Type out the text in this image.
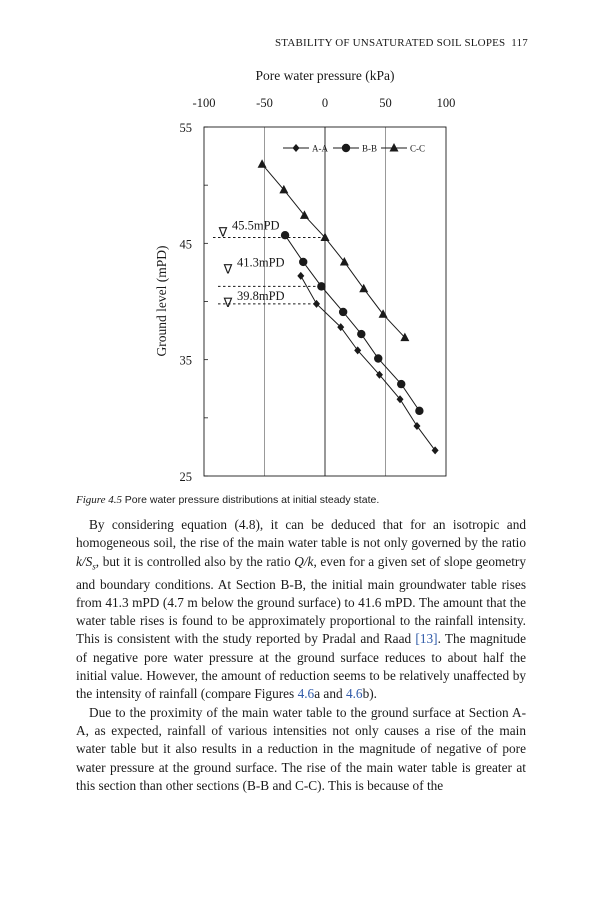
STABILITY OF UNSATURATED SOIL SLOPES 117
Pore water pressure (kPa)
-100	-50	0	50	100
55
45
35
25
Ground level (mPD)
∇ 45.5mPD
∇ 41.3mPD
∇ 39.8mPD
A-A	B-B	C-C
Figure 4.5 Pore water pressure distributions at initial steady state.

By considering equation (4.8), it can be deduced that for an isotropic and homogeneous soil, the rise of the main water table is not only governed by the ratio $k/S_s$, but it is controlled also by the ratio Q/k, even for a given set of slope geometry and boundary conditions. At Section B-B, the initial main groundwater table rises from 41.3 mPD (4.7 m below the ground surface) to 41.6 mPD. The amount that the water table rises is found to be approximately proportional to the rainfall intensity. This is consistent with the study reported by Pradal and Raad [13]. The magnitude of negative pore water pressure at the ground surface reduces to about half the initial value. However, the amount of reduction seems to be relatively unaffected by the intensity of rainfall (compare Figures 4.6a and 4.6b).

Due to the proximity of the main water table to the ground surface at Section A-A, as expected, rainfall of various intensities not only causes a rise of the main water table but it also results in a reduction in the magnitude of negative of pore water pressure at the ground surface. The rise of the main water table is greater at this section than other sections (B-B and C-C). This is because of the
